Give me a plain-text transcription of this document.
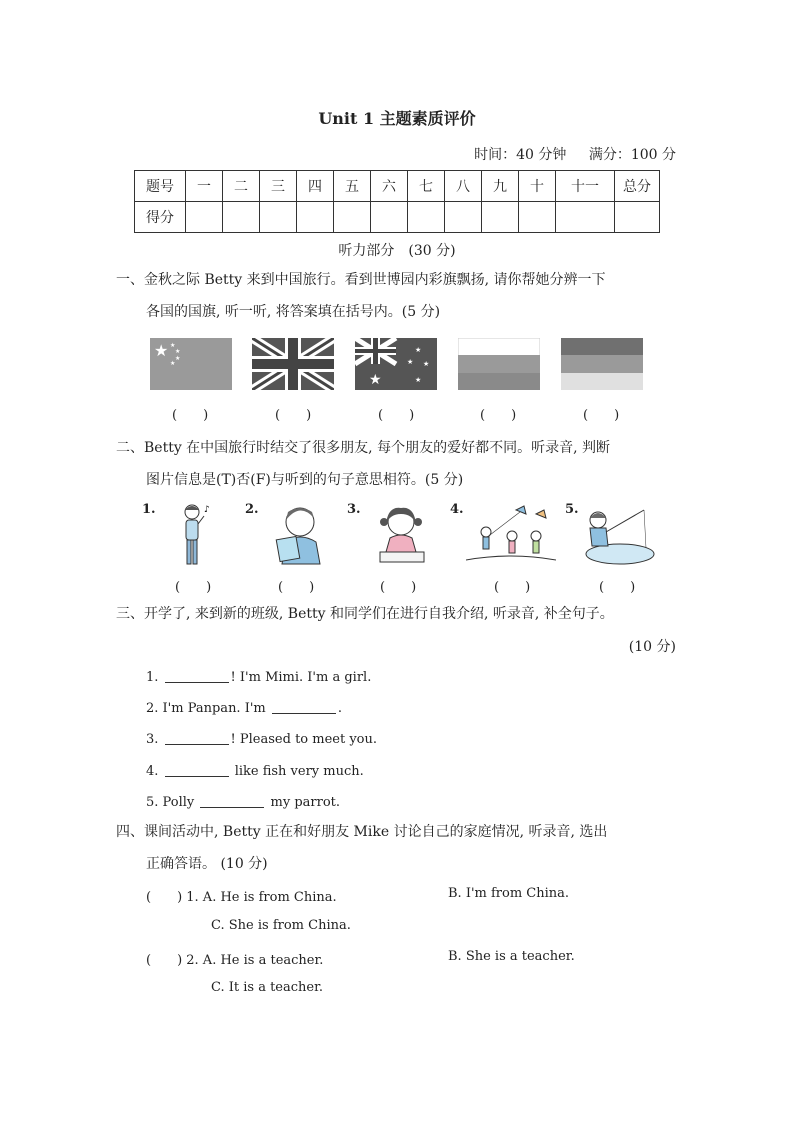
Unit 1 主题素质评价
时间：40 分钟 满分：100 分
题号	一	二	三	四	五	六	七	八	九	十	十一	总分
得分												
听力部分　(30 分)
一、金秋之际 Betty 来到中国旅行。看到世博园内彩旗飘扬, 请你帮她分辨一下
各国的国旗, 听一听, 将答案填在括号内。(5 分)
★ ★
★
★
★
★
★
★ ★
★
(　　)	(　　)	(　　)	(　　)	(　　)
二、Betty 在中国旅行时结交了很多朋友, 每个朋友的爱好都不同。听录音, 判断
图片信息是(T)否(F)与听到的句子意思相符。(5 分)
1.	2.	3.	4.	5.
♪
(　　)	(　　)	(　　)	(　　)	(　　)
三、开学了, 来到新的班级, Betty 和同学们在进行自我介绍, 听录音, 补全句子。
(10 分)
1.	! I'm Mimi. I'm a girl.
2. I'm Panpan. I'm	.
3.	! Pleased to meet you.
4.	like fish very much.
5. Polly	my parrot.
四、课间活动中, Betty 正在和好朋友 Mike 讨论自己的家庭情况, 听录音, 选出
正确答语。 (10 分)
(　　) 1. A. He is from China.	B. I'm from China.
C. She is from China.
(　　) 2. A. He is a teacher.	B. She is a teacher.
C. It is a teacher.
